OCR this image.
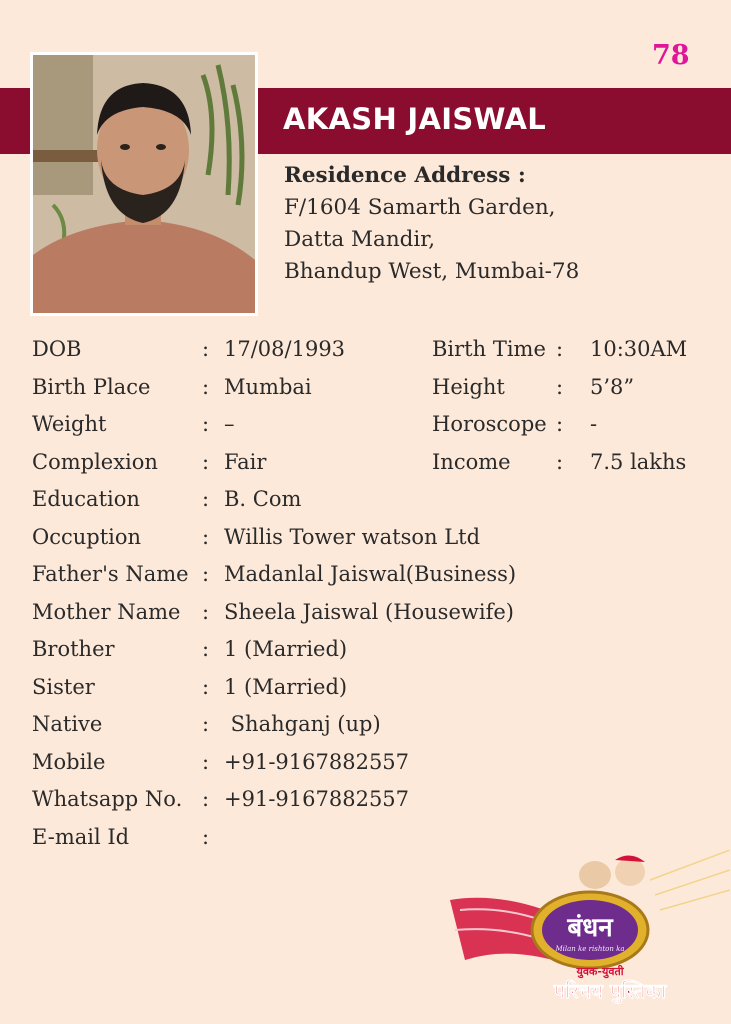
78
AKASH JAISWAL
Residence Address :
F/1604 Samarth Garden,
Datta Mandir,
Bhandup West, Mumbai-78
DOB	: 17/08/1993	Birth Time : 10:30AM
Birth Place : Mumbai	Height : 5’8”
Weight	: –	Horoscope : -
Complexion : Fair	Income : 7.5 lakhs
Education	: B. Com
Occuption	: Willis Tower watson Ltd
Father's Name : Madanlal Jaiswal(Business)
Mother Name : Sheela Jaiswal (Housewife)
Brother	: 1 (Married)
Sister	: 1 (Married)
Native	: Shahganj (up)
Mobile	: +91-9167882557
Whatsapp No. : +91-9167882557
E-mail Id	:
बंधन
Milan ke rishton ka
युवक-युवती
परिचय पुस्तिका
